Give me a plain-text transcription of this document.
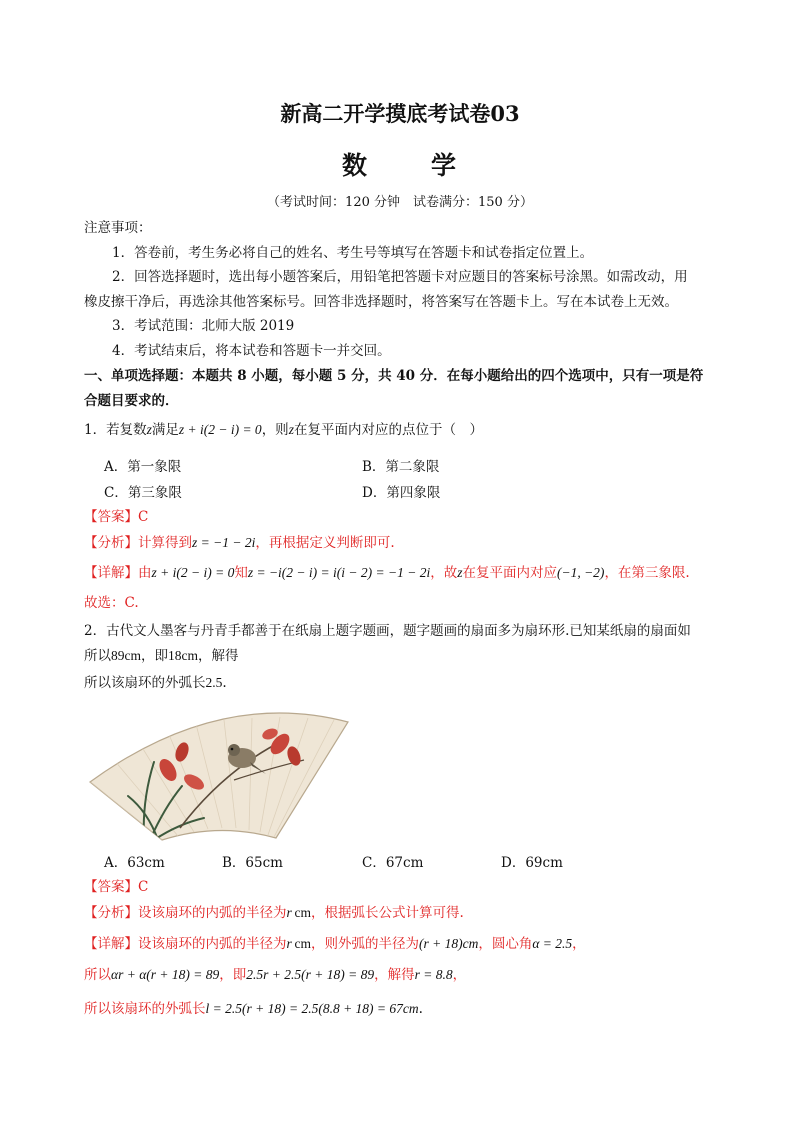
新高二开学摸底考试卷03
数 学
（考试时间：120 分钟　试卷满分：150 分）
注意事项：
1．答卷前，考生务必将自己的姓名、考生号等填写在答题卡和试卷指定位置上。
2．回答选择题时，选出每小题答案后，用铅笔把答题卡对应题目的答案标号涂黑。如需改动，用
橡皮擦干净后，再选涂其他答案标号。回答非选择题时，将答案写在答题卡上。写在本试卷上无效。
3．考试范围：北师大版 2019
4．考试结束后，将本试卷和答题卡一并交回。
一、单项选择题：本题共 8 小题，每小题 5 分，共 40 分．在每小题给出的四个选项中，只有一项是符
合题目要求的．
1．若复数z满足z + i(2 − i) = 0，则z在复平面内对应的点位于（　）
A．第一象限	B．第二象限
C．第三象限	D．第四象限
【答案】C
【分析】计算得到z = −1 − 2i，再根据定义判断即可.
【详解】由z + i(2 − i) = 0知z = −i(2 − i) = i(i − 2) = −1 − 2i，故z在复平面内对应(−1, −2)，在第三象限.
故选：C.
2．古代文人墨客与丹青手都善于在纸扇上题字题画，题字题画的扇面多为扇环形.已知某纸扇的扇面如
所以89cm，即18cm，解得
所以该扇环的外弧长2.5.
A．63cm	B．65cm	C．67cm	D．69cm
【答案】C
【分析】设该扇环的内弧的半径为r  cm，根据弧长公式计算可得.
【详解】设该扇环的内弧的半径为r  cm，则外弧的半径为(r + 18)cm，圆心角α = 2.5，
所以αr + α(r + 18) = 89，即2.5r + 2.5(r + 18) = 89，解得r = 8.8，
所以该扇环的外弧长l = 2.5(r + 18) = 2.5(8.8 + 18) = 67cm.
